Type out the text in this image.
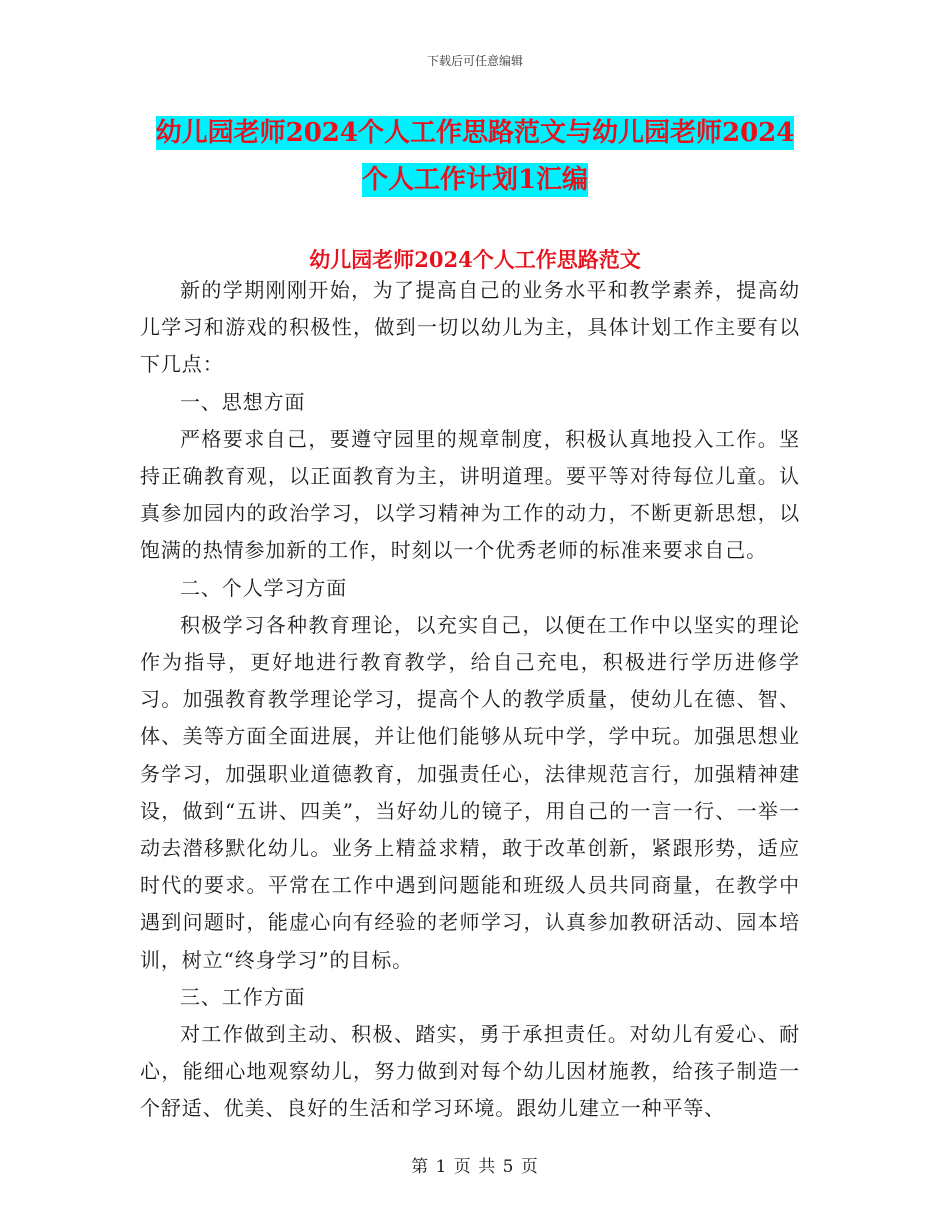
下载后可任意编辑
幼儿园老师2024个人工作思路范文与幼儿园老师2024
个人工作计划1汇编
幼儿园老师2024个人工作思路范文

新的学期刚刚开始，为了提高自己的业务水平和教学素养，提高幼儿学习和游戏的积极性，做到一切以幼儿为主，具体计划工作主要有以下几点：

一、思想方面

严格要求自己，要遵守园里的规章制度，积极认真地投入工作。坚持正确教育观，以正面教育为主，讲明道理。要平等对待每位儿童。认真参加园内的政治学习，以学习精神为工作的动力，不断更新思想，以饱满的热情参加新的工作，时刻以一个优秀老师的标准来要求自己。

二、个人学习方面

积极学习各种教育理论，以充实自己，以便在工作中以坚实的理论作为指导，更好地进行教育教学，给自己充电，积极进行学历进修学习。加强教育教学理论学习，提高个人的教学质量，使幼儿在德、智、体、美等方面全面进展，并让他们能够从玩中学，学中玩。加强思想业务学习，加强职业道德教育，加强责任心，法律规范言行，加强精神建设，做到“五讲、四美”，当好幼儿的镜子，用自己的一言一行、一举一动去潜移默化幼儿。业务上精益求精，敢于改革创新，紧跟形势，适应时代的要求。平常在工作中遇到问题能和班级人员共同商量，在教学中遇到问题时，能虚心向有经验的老师学习，认真参加教研活动、园本培训，树立“终身学习”的目标。

三、工作方面

对工作做到主动、积极、踏实，勇于承担责任。对幼儿有爱心、耐心，能细心地观察幼儿，努力做到对每个幼儿因材施教，给孩子制造一个舒适、优美、良好的生活和学习环境。跟幼儿建立一种平等、

第 1 页 共 5 页
